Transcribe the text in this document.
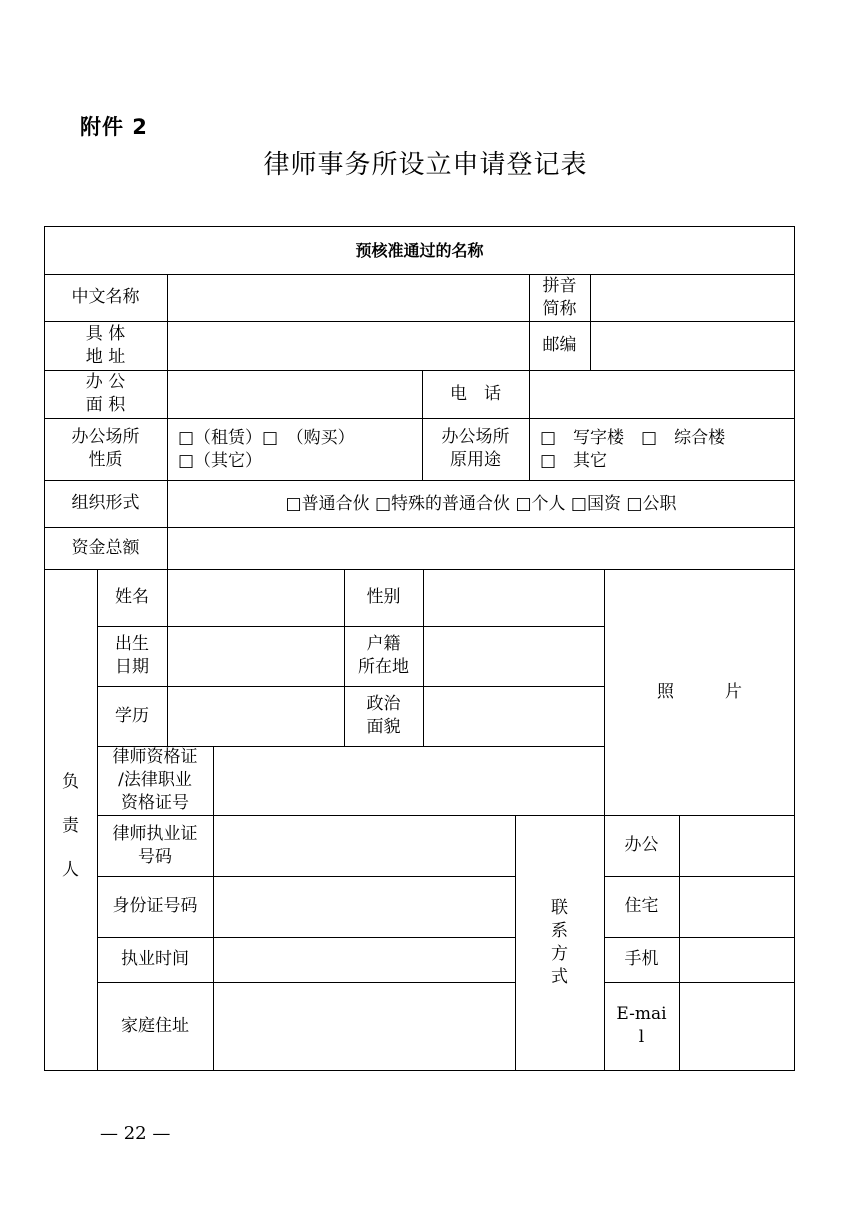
附件 2
律师事务所设立申请登记表
预核准通过的名称
中文名称
拼音
简称
具 体
地 址
邮编
办 公
面 积
电　话
办公场所
性质
□（租赁）□　（购买）
□（其它）
办公场所
原用途
□　写字楼　□　综合楼
□　其它
组织形式	□普通合伙 □特殊的普通合伙 □个人 □国资 □公职
资金总额
负

责

人
姓名	性别
出生
日期
户籍
所在地
学历
政治
面貌
照　　　片
律师资格证
/法律职业
资格证号
律师执业证
号码
身份证号码
执业时间
家庭住址
联
系
方
式
办公
住宅
手机
E-mai
l
— 22 —
